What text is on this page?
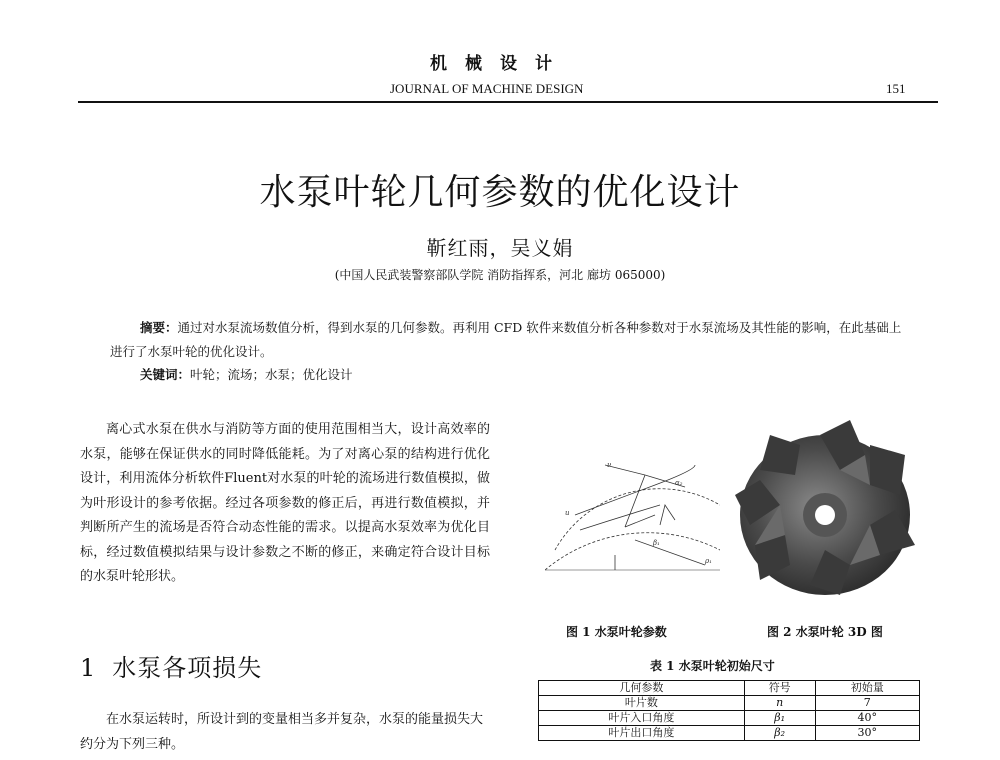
机械设计
JOURNAL OF MACHINE DESIGN	151
水泵叶轮几何参数的优化设计
靳红雨，吴义娟
(中国人民武装警察部队学院 消防指挥系，河北 廊坊 065000)

摘要：通过对水泵流场数值分析，得到水泵的几何参数。再利用 CFD 软件来数值分析各种参数对于水泵流场及其性能的影响，在此基础上进行了水泵叶轮的优化设计。

关键词：叶轮；流场；水泵；优化设计

离心式水泵在供水与消防等方面的使用范围相当大，设计高效率的水泵，能够在保证供水的同时降低能耗。为了对离心泵的结构进行优化设计，利用流体分析软件Fluent对水泵的叶轮的流场进行数值模拟，做为叶形设计的参考依据。经过各项参数的修正后，再进行数值模拟，并判断所产生的流场是否符合动态性能的需求。以提高水泵效率为优化目标，经过数值模拟结果与设计参数之不断的修正，来确定符合设计目标的水泵叶轮形状。

1 水泵各项损失

在水泵运转时，所设计到的变量相当多并复杂，水泵的能量损失大约分为下列三种。

α₂
β₁
u
ρ₁
ν
图 1 水泵叶轮参数	图 2 水泵叶轮 3D 图
表 1 水泵叶轮初始尺寸
几何参数	符号	初始量
叶片数	n	7
叶片入口角度	β₁	40°
叶片出口角度	β₂	30°
